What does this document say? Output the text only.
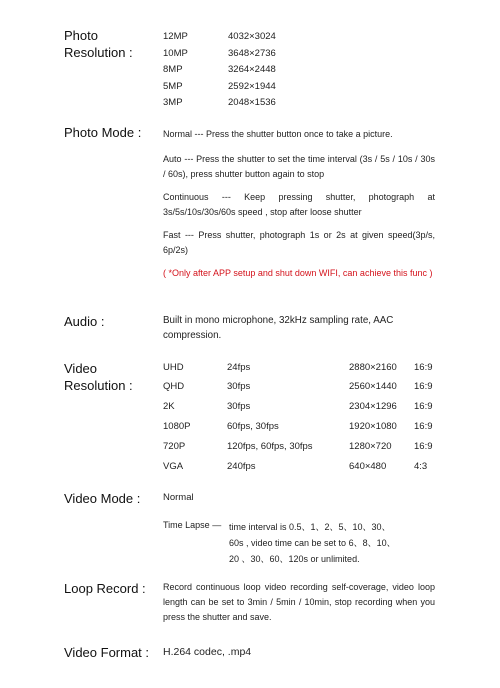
Photo
Resolution :
12MP	4032×3024
10MP	3648×2736
8MP	3264×2448
5MP	2592×1944
3MP	2048×1536
Photo Mode : Normal --- Press the shutter button once to take a picture.
Auto --- Press the shutter to set the time interval (3s / 5s / 10s / 30s / 60s), press shutter button again to stop
Continuous --- Keep pressing shutter, photograph at 3s/5s/10s/30s/60s speed , stop after loose shutter
Fast --- Press shutter, photograph 1s or 2s at given speed(3p/s, 6p/2s)
( *Only after APP setup and shut down WIFI, can achieve this func )
Audio :	Built in mono microphone, 32kHz sampling rate, AAC compression.
Video
Resolution :
UHD	24fps	2880×2160 16:9
QHD	30fps	2560×1440 16:9
2K	30fps	2304×1296 16:9
1080P	60fps, 30fps	1920×1080 16:9
720P	120fps, 60fps, 30fps	1280×720 16:9
VGA	240fps	640×480	4:3
Video Mode : Normal
Time Lapse — time interval is 0.5、1、2、5、10、30、
60s , video time can be set to 6、8、10、
20 、30、60、120s or unlimited.
Loop Record : Record continuous loop video recording self-coverage, video loop length can be set to 3min / 5min / 10min, stop recording when you press the shutter and save.
Video Format : H.264 codec, .mp4
